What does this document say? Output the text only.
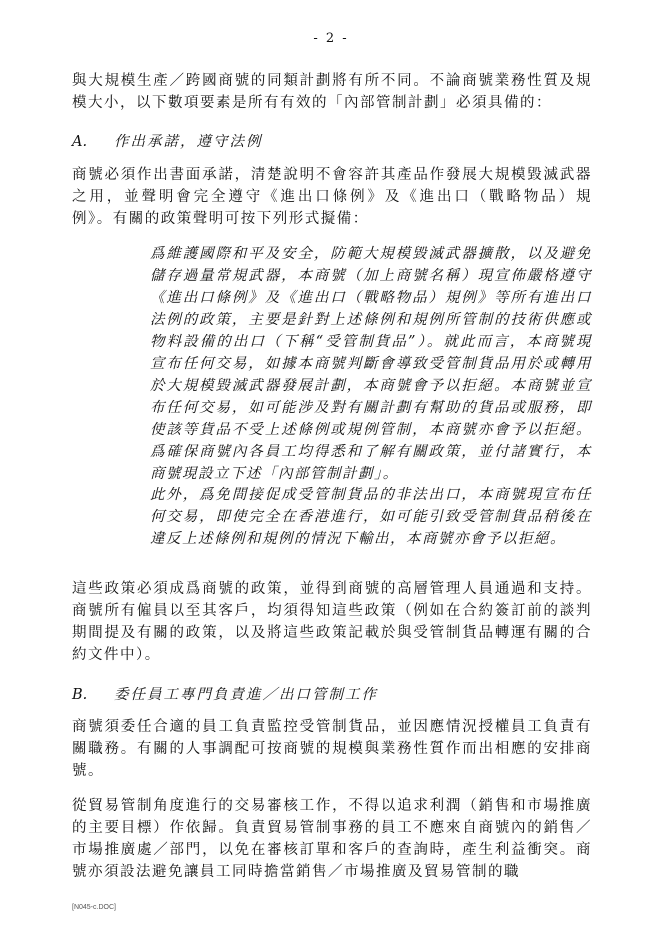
- 2 -

與大規模生產／跨國商號的同類計劃將有所不同。不論商號業務性質及規模大小，以下數項要素是所有有效的「內部管制計劃」必須具備的：

A. 作出承諾，遵守法例

商號必須作出書面承諾，清楚說明不會容許其產品作發展大規模毀滅武器之用，並聲明會完全遵守《進出口條例》及《進出口（戰略物品）規例》。有關的政策聲明可按下列形式擬備：

爲維護國際和平及安全，防範大規模毀滅武器擴散，以及避免儲存過量常規武器，本商號（加上商號名稱）現宣佈嚴格遵守《進出口條例》及《進出口（戰略物品）規例》等所有進出口法例的政策，主要是針對上述條例和規例所管制的技術供應或物料設備的出口（下稱“受管制貨品”）。就此而言，本商號現宣布任何交易，如據本商號判斷會導致受管制貨品用於或轉用於大規模毀滅武器發展計劃，本商號會予以拒絕。本商號並宣布任何交易，如可能涉及對有關計劃有幫助的貨品或服務，即使該等貨品不受上述條例或規例管制，本商號亦會予以拒絕。爲確保商號內各員工均得悉和了解有關政策，並付諸實行，本商號現設立下述「內部管制計劃」。

此外，爲免間接促成受管制貨品的非法出口，本商號現宣布任何交易，即使完全在香港進行，如可能引致受管制貨品稍後在違反上述條例和規例的情況下輸出，本商號亦會予以拒絕。

這些政策必須成爲商號的政策，並得到商號的高層管理人員通過和支持。商號所有僱員以至其客戶，均須得知這些政策（例如在合約簽訂前的談判期間提及有關的政策，以及將這些政策記載於與受管制貨品轉運有關的合約文件中）。

B. 委任員工專門負責進／出口管制工作

商號須委任合適的員工負責監控受管制貨品，並因應情況授權員工負責有關職務。有關的人事調配可按商號的規模與業務性質作而出相應的安排商號。

從貿易管制角度進行的交易審核工作，不得以追求利潤（銷售和市場推廣的主要目標）作依歸。負責貿易管制事務的員工不應來自商號內的銷售／市場推廣處／部門，以免在審核訂單和客戶的查詢時，產生利益衝突。商號亦須設法避免讓員工同時擔當銷售／市場推廣及貿易管制的職

[N045-c.DOC]
